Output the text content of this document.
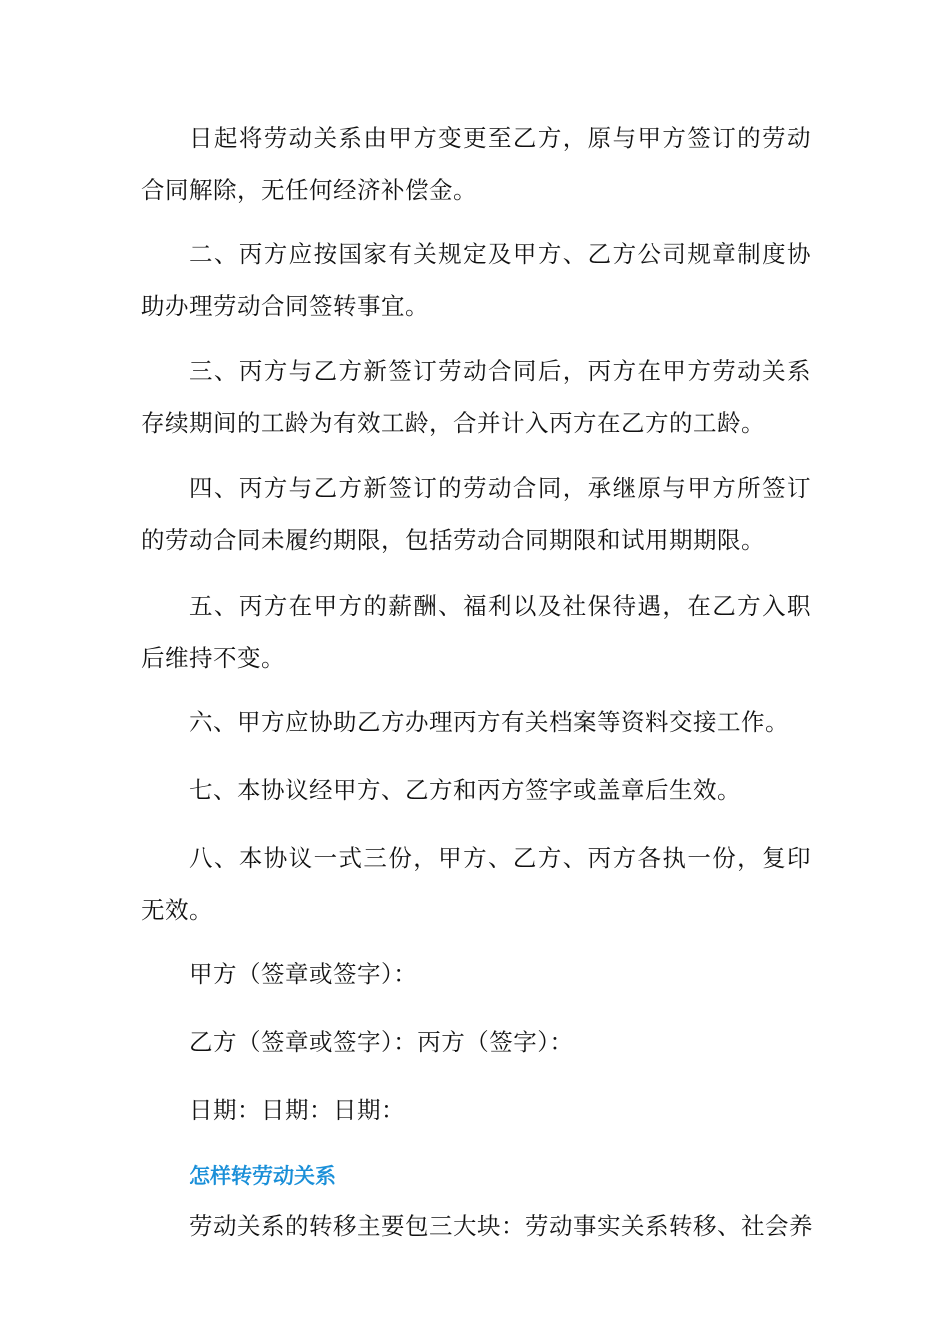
日起将劳动关系由甲方变更至乙方，原与甲方签订的劳动合同解除，无任何经济补偿金。

二、丙方应按国家有关规定及甲方、乙方公司规章制度协助办理劳动合同签转事宜。

三、丙方与乙方新签订劳动合同后，丙方在甲方劳动关系存续期间的工龄为有效工龄，合并计入丙方在乙方的工龄。

四、丙方与乙方新签订的劳动合同，承继原与甲方所签订的劳动合同未履约期限，包括劳动合同期限和试用期期限。

五、丙方在甲方的薪酬、福利以及社保待遇，在乙方入职后维持不变。

六、甲方应协助乙方办理丙方有关档案等资料交接工作。

七、本协议经甲方、乙方和丙方签字或盖章后生效。

八、本协议一式三份，甲方、乙方、丙方各执一份，复印无效。

甲方（签章或签字）：

乙方（签章或签字）：丙方（签字）：

日期：日期：日期：

怎样转劳动关系

劳动关系的转移主要包三大块：劳动事实关系转移、社会养
